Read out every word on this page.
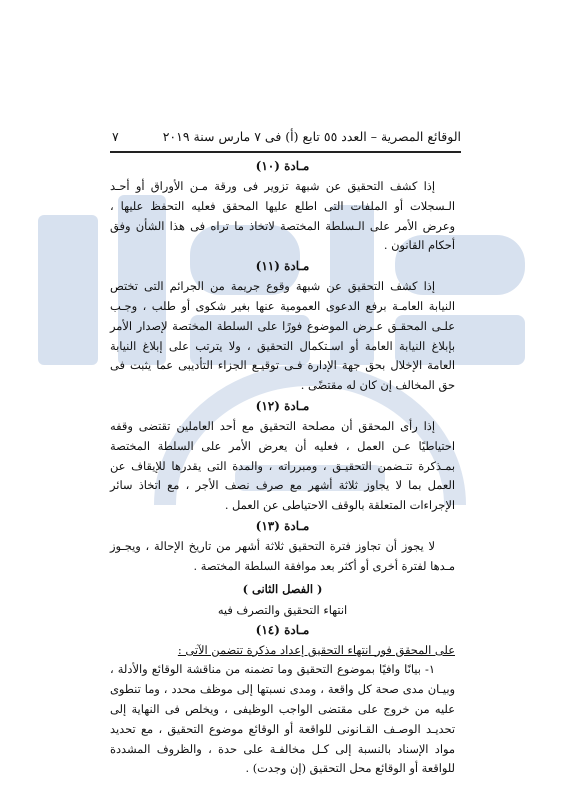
الوقائع المصرية – العدد ٥٥ تابع (أ) فى ٧ مارس سنة ٢٠١٩
٧

مـادة (١٠)

إذا كشف التحقيق عن شبهة تزوير فى ورقة مـن الأوراق أو أحـد الـسجلات أو الملفات التى اطلع عليها المحقق فعليه التحفظ عليها ، وعرض الأمر على الـسلطة المختصة لاتخاذ ما تراه فى هذا الشأن وفق أحكام القانون .

مـادة (١١)

إذا كشف التحقيق عن شبهة وقوع جريمة من الجرائم التى تختص النيابة العامـة برفع الدعوى العمومية عنها بغير شكوى أو طلب ، وجـب علـى المحقـق عـرض الموضوع فورًا على السلطة المختصة لإصدار الأمر بإبلاغ النيابة العامة أو اسـتكمال التحقيق ، ولا يترتب على إبلاغ النيابة العامة الإخلال بحق جهة الإدارة فـى توقيـع الجزاء التأديبى عما يثبت فى حق المخالف إن كان له مقتضًى .

مـادة (١٢)

إذا رأى المحقق أن مصلحة التحقيق مع أحد العاملين تقتضى وقفه احتياطيًا عـن العمل ، فعليه أن يعرض الأمر على السلطة المختصة بمـذكرة تتـضمن التحقيـق ، ومبرراته ، والمدة التى يقدرها للإيقاف عن العمل بما لا يجاوز ثلاثة أشهر مع صرف نصف الأجر ، مع اتخاذ سائر الإجراءات المتعلقة بالوقف الاحتياطى عن العمل .

مـادة (١٣)

لا يجوز أن تجاوز فترة التحقيق ثلاثة أشهر من تاريخ الإحالة ، ويجـوز مـدها لفترة أخرى أو أكثر بعد موافقة السلطة المختصة .

( الفصل الثانى )

انتهاء التحقيق والتصرف فيه

مـادة (١٤)

على المحقق فور انتهاء التحقيق إعداد مذكرة تتضمن الآتى :

١- بيانًا وافيًا بموضوع التحقيق وما تضمنه من مناقشة الوقائع والأدلة ، وبيـان مدى صحة كل واقعة ، ومدى نسبتها إلى موظف محدد ، وما تنطوى عليه من خروج على مقتضى الواجب الوظيفى ، ويخلص فى النهاية إلى تحديـد الوصـف القـانونى للواقعة أو الوقائع موضوع التحقيق ، مع تحديد مواد الإسناد بالنسبة إلى كـل مخالفـة على حدة ، والظروف المشددة للواقعة أو الوقائع محل التحقيق (إن وجدت) .
